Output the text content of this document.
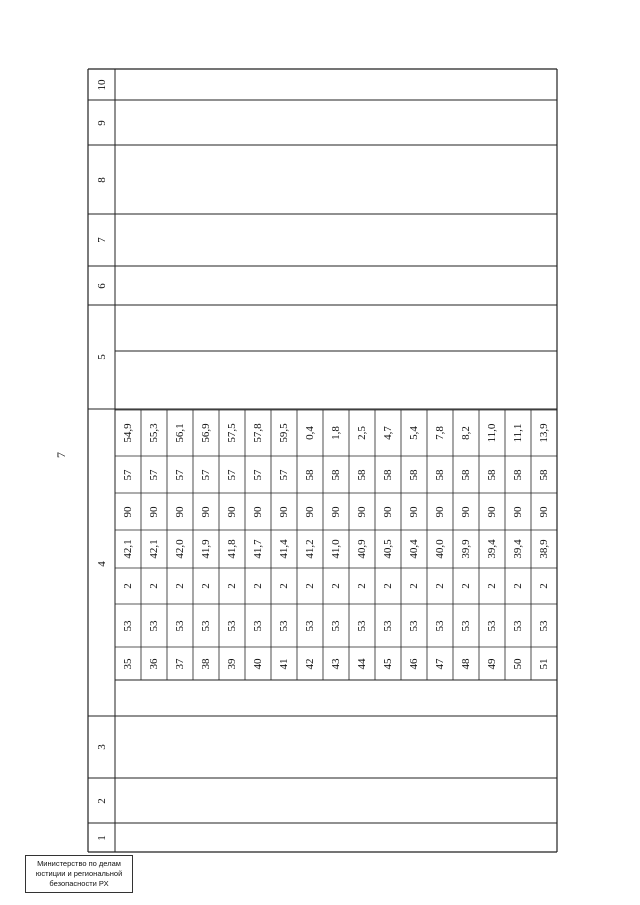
7
1
2
3
4
5
6
7
8
9
10
35
53
2
42,1
90
57
54,9
36
53
2
42,1
90
57
55,3
37
53
2
42,0
90
57
56,1
38
53
2
41,9
90
57
56,9
39
53
2
41,8
90
57
57,5
40
53
2
41,7
90
57
57,8
41
53
2
41,4
90
57
59,5
42
53
2
41,2
90
58
0,4
43
53
2
41,0
90
58
1,8
44
53
2
40,9
90
58
2,5
45
53
2
40,5
90
58
4,7
46
53
2
40,4
90
58
5,4
47
53
2
40,0
90
58
7,8
48
53
2
39,9
90
58
8,2
49
53
2
39,4
90
58
11,0
50
53
2
39,4
90
58
11,1
51
53
2
38,9
90
58
13,9
Министерство по делам
юстиции и региональной
безопасности РХ
